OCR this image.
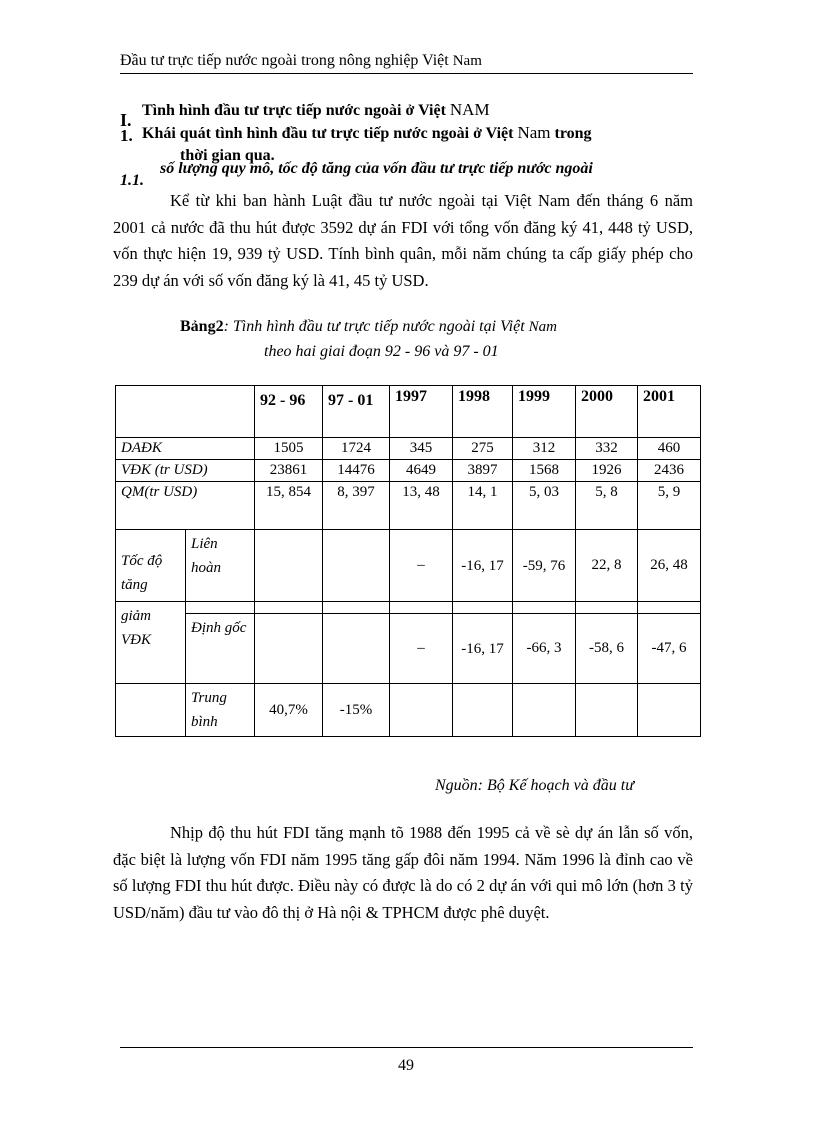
Đầu tư trực tiếp nước ngoài trong nông nghiệp Việt Nam
I. Tình hình đầu tư trực tiếp nước ngoài ở Việt NAM
1. Khái quát tình hình đầu tư trực tiếp nước ngoài ở Việt Nam trong
thời gian qua.
1.1.
số lượng quy mô, tốc độ tăng của vốn đầu tư trực tiếp nước ngoài
Kể từ khi ban hành Luật đầu tư nước ngoài tại Việt Nam đến tháng 6 năm 2001 cả nước đã thu hút được 3592 dự án FDI với tổng vốn đăng ký 41, 448 tỷ USD, vốn thực hiện 19, 939 tỷ USD. Tính bình quân, mỗi năm chúng ta cấp giấy phép cho 239 dự án với số vốn đăng ký là 41, 45 tỷ USD.
Bảng2: Tình hình đầu tư trực tiếp nước ngoài tại Việt Nam
theo hai giai đoạn 92 - 96 và 97 - 01
		92 - 96	97 - 01	1997	1998	1999	2000	2001
DAĐK		1505	1724	345	275	312	332	460
VĐK (tr USD)		23861	14476	4649	3897	1568	1926	2436
QM(tr USD)		15, 854	8, 397	13, 48	14, 1	5, 03	5, 8	5, 9
Tốc độ tăng	Liên hoàn			–	-16, 17	-59, 76	22, 8	26, 48
giảm VĐK								
	Định gốc			–	-16, 17	-66, 3	-58, 6	-47, 6
	Trung bình	40,7%	-15%					
Nguồn: Bộ Kế hoạch và đầu tư
Nhịp độ thu hút FDI tăng mạnh tõ 1988 đến 1995 cả về sè dự án lẫn số vốn, đặc biệt là lượng vốn FDI năm 1995 tăng gấp đôi năm 1994. Năm 1996 là đỉnh cao về số lượng FDI thu hút được. Điều này có được là do có 2 dự án với qui mô lớn (hơn 3 tỷ USD/năm) đầu tư vào đô thị ở Hà nội & TPHCM được phê duyệt.
49
